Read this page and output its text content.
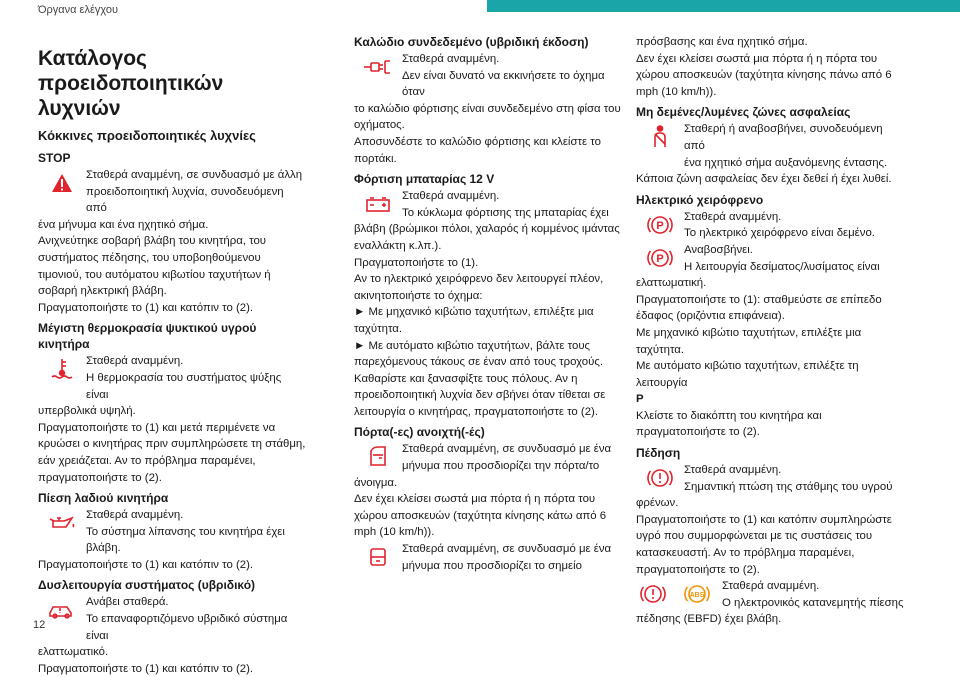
Όργανα ελέγχου
Κατάλογος προειδοποιητικών λυχνιών
Κόκκινες προειδοποιητικές λυχνίες
STOP
Σταθερά αναμμένη, σε συνδυασμό με άλλη
προειδοποιητική λυχνία, συνοδευόμενη από
ένα μήνυμα και ένα ηχητικό σήμα.
Ανιχνεύτηκε σοβαρή βλάβη του κινητήρα, του συστήματος πέδησης, του υποβοηθούμενου τιμονιού, του αυτόματου κιβωτίου ταχυτήτων ή σοβαρή ηλεκτρική βλάβη.
Πραγματοποιήστε το (1) και κατόπιν το (2).
Μέγιστη θερμοκρασία ψυκτικού υγρού κινητήρα
Σταθερά αναμμένη.
Η θερμοκρασία του συστήματος ψύξης είναι
υπερβολικά υψηλή.
Πραγματοποιήστε το (1) και μετά περιμένετε να κρυώσει ο κινητήρας πριν συμπληρώσετε τη στάθμη, εάν χρειάζεται. Αν το πρόβλημα παραμένει, πραγματοποιήστε το (2).
Πίεση λαδιού κινητήρα
Σταθερά αναμμένη.
Το σύστημα λίπανσης του κινητήρα έχει βλάβη.
Πραγματοποιήστε το (1) και κατόπιν το (2).
Δυσλειτουργία συστήματος (υβριδικό)
Ανάβει σταθερά.
Το επαναφορτιζόμενο υβριδικό σύστημα είναι
ελαττωματικό.
Πραγματοποιήστε το (1) και κατόπιν το (2).
Καλώδιο συνδεδεμένο (υβριδική έκδοση)
Σταθερά αναμμένη.
Δεν είναι δυνατό να εκκινήσετε το όχημα όταν
το καλώδιο φόρτισης είναι συνδεδεμένο στη φίσα του οχήματος.
Αποσυνδέστε το καλώδιο φόρτισης και κλείστε το πορτάκι.
Φόρτιση μπαταρίας 12 V
Σταθερά αναμμένη.
Το κύκλωμα φόρτισης της μπαταρίας έχει
βλάβη (βρώμικοι πόλοι, χαλαρός ή κομμένος ιμάντας εναλλάκτη κ.λπ.).
Πραγματοποιήστε το (1).
Αν το ηλεκτρικό χειρόφρενο δεν λειτουργεί πλέον, ακινητοποιήστε το όχημα:
► Με μηχανικό κιβώτιο ταχυτήτων, επιλέξτε μια ταχύτητα.
► Με αυτόματο κιβώτιο ταχυτήτων, βάλτε τους παρεχόμενους τάκους σε έναν από τους τροχούς.
Καθαρίστε και ξανασφίξτε τους πόλους. Αν η προειδοποιητική λυχνία δεν σβήνει όταν τίθεται σε λειτουργία ο κινητήρας, πραγματοποιήστε το (2).
Πόρτα(-ες) ανοιχτή(-ές)
Σταθερά αναμμένη, σε συνδυασμό με ένα
μήνυμα που προσδιορίζει την πόρτα/το
άνοιγμα.
Δεν έχει κλείσει σωστά μια πόρτα ή η πόρτα του χώρου αποσκευών (ταχύτητα κίνησης κάτω από 6 mph (10 km/h)).
Σταθερά αναμμένη, σε συνδυασμό με ένα
μήνυμα που προσδιορίζει το σημείο
πρόσβασης και ένα ηχητικό σήμα.
Δεν έχει κλείσει σωστά μια πόρτα ή η πόρτα του χώρου αποσκευών (ταχύτητα κίνησης πάνω από 6 mph (10 km/h)).
Μη δεμένες/λυμένες ζώνες ασφαλείας
Σταθερή ή αναβοσβήνει, συνοδευόμενη από
ένα ηχητικό σήμα αυξανόμενης έντασης.
Κάποια ζώνη ασφαλείας δεν έχει δεθεί ή έχει λυθεί.
Ηλεκτρικό χειρόφρενο
P
Σταθερά αναμμένη.
Το ηλεκτρικό χειρόφρενο είναι δεμένο.
P
Αναβοσβήνει.
Η λειτουργία δεσίματος/λυσίματος είναι
ελαττωματική.
Πραγματοποιήστε το (1): σταθμεύστε σε επίπεδο έδαφος (οριζόντια επιφάνεια).
Με μηχανικό κιβώτιο ταχυτήτων, επιλέξτε μια ταχύτητα.
Με αυτόματο κιβώτιο ταχυτήτων, επιλέξτε τη λειτουργία
P
Κλείστε το διακόπτη του κινητήρα και πραγματοποιήστε το (2).
Πέδηση
Σταθερά αναμμένη.
Σημαντική πτώση της στάθμης του υγρού
φρένων.
Πραγματοποιήστε το (1) και κατόπιν συμπληρώστε υγρό που συμμορφώνεται με τις συστάσεις του κατασκευαστή. Αν το πρόβλημα παραμένει, πραγματοποιήστε το (2).
ABS
Σταθερά αναμμένη.
Ο ηλεκτρονικός κατανεμητής πίεσης
πέδησης (EBFD) έχει βλάβη.
12
